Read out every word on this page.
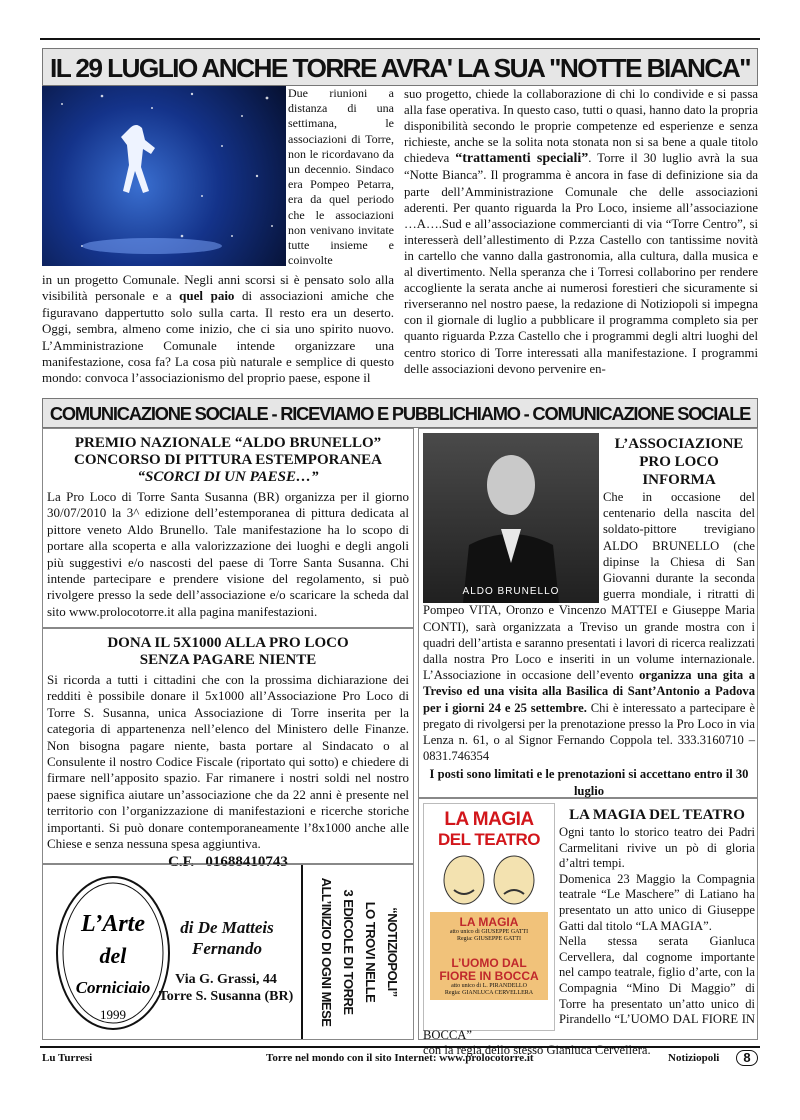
IL 29 LUGLIO ANCHE TORRE AVRA' LA SUA "NOTTE BIANCA"
Due riunioni a distanza di una settimana, le associazioni di Torre, non le ricordavano da un decennio. Sindaco era Pompeo Petarra, era da quel periodo che le associazioni non venivano invitate tutte insieme e coinvolte
in un progetto Comunale. Negli anni scorsi si è pensato solo alla visibilità personale e a quel paio di associazioni amiche che figuravano dappertutto solo sulla carta. Il resto era un deserto. Oggi, sembra, almeno come inizio, che ci sia uno spirito nuovo. L’Amministrazione Comunale intende organizzare una manifestazione, cosa fa? La cosa più naturale e semplice di questo mondo: convoca l’associazionismo del proprio paese, espone il
suo progetto, chiede la collaborazione di chi lo condivide e si passa alla fase operativa. In questo caso, tutti o quasi, hanno dato la propria disponibilità secondo le proprie competenze ed esperienze e senza richieste, anche se la solita nota stonata non si sa bene a quale titolo chiedeva “trattamenti speciali”. Torre il 30 luglio avrà la sua “Notte Bianca”. Il programma è ancora in fase di definizione sia da parte dell’Amministrazione Comunale che delle associazioni aderenti. Per quanto riguarda la Pro Loco, insieme all’associazione …A….Sud e all’associazione commercianti di via “Torre Centro”, si interesserà dell’allestimento di P.zza Castello con tantissime novità in cartello che vanno dalla gastronomia, alla cultura, dalla musica e al divertimento. Nella speranza che i Torresi collaborino per rendere accogliente la serata anche ai numerosi forestieri che sicuramente si riverseranno nel nostro paese, la redazione di Notiziopoli si impegna con il giornale di luglio a pubblicare il programma completo sia per quanto riguarda P.zza Castello che i programmi degli altri luoghi del centro storico di Torre interessati alla manifestazione. I programmi delle associazioni devono pervenire en-
COMUNICAZIONE SOCIALE - RICEVIAMO E PUBBLICHIAMO - COMUNICAZIONE SOCIALE
PREMIO NAZIONALE “ALDO BRUNELLO”
CONCORSO DI PITTURA ESTEMPORANEA
“SCORCI DI UN PAESE…”
La Pro Loco di Torre Santa Susanna (BR) organizza per il giorno 30/07/2010 la 3^ edizione dell’estemporanea di pittura dedicata al pittore veneto Aldo Brunello. Tale manifestazione ha lo scopo di portare alla scoperta e alla valorizzazione dei luoghi e degli angoli più suggestivi e/o nascosti del paese di Torre Santa Susanna. Chi intende partecipare e prendere visione del regolamento, si può rivolgere presso la sede dell’associazione e/o scaricare la scheda dal sito www.prolocotorre.it alla pagina manifestazioni.
DONA IL 5X1000 ALLA PRO LOCO
SENZA PAGARE NIENTE
Si ricorda a tutti i cittadini che con la prossima dichiarazione dei redditi è possibile donare il 5x1000 all’Associazione Pro Loco di Torre S. Susanna, unica Associazione di Torre inserita per la categoria di appartenenza nell’elenco del Ministero delle Finanze. Non bisogna pagare niente, basta portare al Sindacato o al Consulente il nostro Codice Fiscale (riportato qui sotto) e chiedere di firmare nell’apposito spazio. Far rimanere i nostri soldi nel nostro paese significa aiutare un’associazione che da 22 anni è presente nel territorio con l’organizzazione di manifestazioni e ricerche storiche importanti. Si può donare contemporaneamente l’8x1000 anche alle Chiese e senza nessuna spesa aggiuntiva.
C.F.   01688410743
L’Arte
del
Corniciaio
1999
di De Matteis
Fernando
Via G. Grassi, 44
Torre S. Susanna (BR)	“NOTIZIOPOLI”
LO TROVI NELLE
3 EDICOLE DI TORRE
ALL’INIZIO DI OGNI MESE
ALDO BRUNELLO
L’ASSOCIAZIONE
PRO LOCO
INFORMA
Che in occasione del centenario della nascita del soldato-pittore trevigiano ALDO BRUNELLO (che dipinse la Chiesa di San Giovanni durante la seconda guerra mondiale, i ritratti di Pompeo VITA, Oronzo e Vincenzo MATTEI e Giuseppe Maria CONTI), sarà organizzata a Treviso un grande mostra con i quadri dell’artista e saranno presentati i lavori di ricerca realizzati dalla nostra Pro Loco e inseriti in un volume internazionale. L’Associazione in occasione dell’evento organizza una gita a Treviso ed una visita alla Basilica di Sant’Antonio a Padova per i giorni 24 e 25 settembre. Chi è interessato a partecipare è pregato di rivolgersi per la prenotazione presso la Pro Loco in via Lenza n. 61, o al Signor Fernando Coppola tel. 333.3160710 – 0831.746354
I posti sono limitati e le prenotazioni si accettano entro il 30 luglio
LA MAGIA
DEL TEATRO
LA MAGIA
atto unico di GIUSEPPE GATTI
Regia: GIUSEPPE GATTI
L’UOMO DAL FIORE IN BOCCA
atto unico di L. PIRANDELLO
Regia: GIANLUCA CERVELLERA
LA MAGIA DEL TEATRO
Ogni tanto lo storico teatro dei Padri Carmelitani rivive un pò di gloria d’altri tempi.
Domenica 23 Maggio la Compagnia teatrale “Le Maschere” di Latiano ha presentato un atto unico di Giuseppe Gatti dal titolo “LA MAGIA”.
Nella stessa serata Gianluca Cervellera, dal cognome importante nel campo teatrale, figlio d’arte, con la Compagnia “Mino Di Maggio” di Torre ha presentato un’atto unico di Pirandello “L’UOMO DAL FIORE IN BOCCA”
con la regia dello stesso Gianluca Cervellera.
Lu Turresi	Torre nel mondo con il sito Internet: www.prolocotorre.it	Notiziopoli	8
